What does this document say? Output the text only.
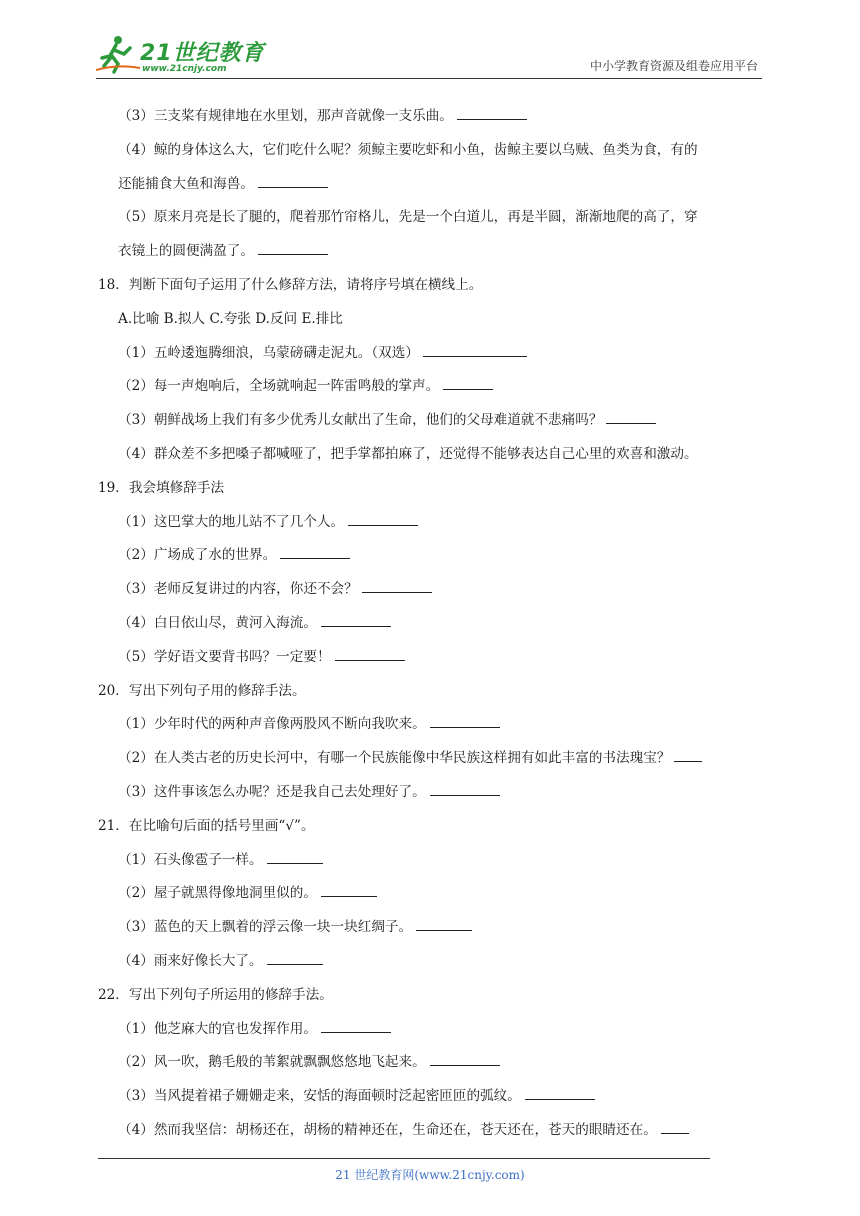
21世纪教育
www.21cnjy.com	中小学教育资源及组卷应用平台
（3）三支桨有规律地在水里划，那声音就像一支乐曲。
（4）鲸的身体这么大，它们吃什么呢？须鲸主要吃虾和小鱼，齿鲸主要以乌贼、鱼类为食，有的
还能捕食大鱼和海兽。
（5）原来月亮是长了腿的，爬着那竹帘格儿，先是一个白道儿，再是半圆，渐渐地爬的高了，穿
衣镜上的圆便满盈了。
18．判断下面句子运用了什么修辞方法，请将序号填在横线上。
A.比喻 B.拟人 C.夸张 D.反问 E.排比
（1）五岭逶迤腾细浪，乌蒙磅礴走泥丸。（双选）
（2）每一声炮响后，全场就响起一阵雷鸣般的掌声。
（3）朝鲜战场上我们有多少优秀儿女献出了生命，他们的父母难道就不悲痛吗？
（4）群众差不多把嗓子都喊哑了，把手掌都拍麻了，还觉得不能够表达自己心里的欢喜和激动。
19．我会填修辞手法
（1）这巴掌大的地儿站不了几个人。
（2）广场成了水的世界。
（3）老师反复讲过的内容，你还不会？
（4）白日依山尽，黄河入海流。
（5）学好语文要背书吗？一定要！
20．写出下列句子用的修辞手法。
（1）少年时代的两种声音像两股风不断向我吹来。
（2）在人类古老的历史长河中，有哪一个民族能像中华民族这样拥有如此丰富的书法瑰宝？
（3）这件事该怎么办呢？还是我自己去处理好了。
21．在比喻句后面的括号里画“√”。
（1）石头像雹子一样。
（2）屋子就黑得像地洞里似的。
（3）蓝色的天上飘着的浮云像一块一块红绸子。
（4）雨来好像长大了。
22．写出下列句子所运用的修辞手法。
（1）他芝麻大的官也发挥作用。
（2）风一吹，鹅毛般的苇絮就飘飘悠悠地飞起来。
（3）当风提着裙子姗姗走来，安恬的海面顿时泛起密匝匝的弧纹。
（4）然而我坚信：胡杨还在，胡杨的精神还在，生命还在，苍天还在，苍天的眼睛还在。
21 世纪教育网(www.21cnjy.com)
